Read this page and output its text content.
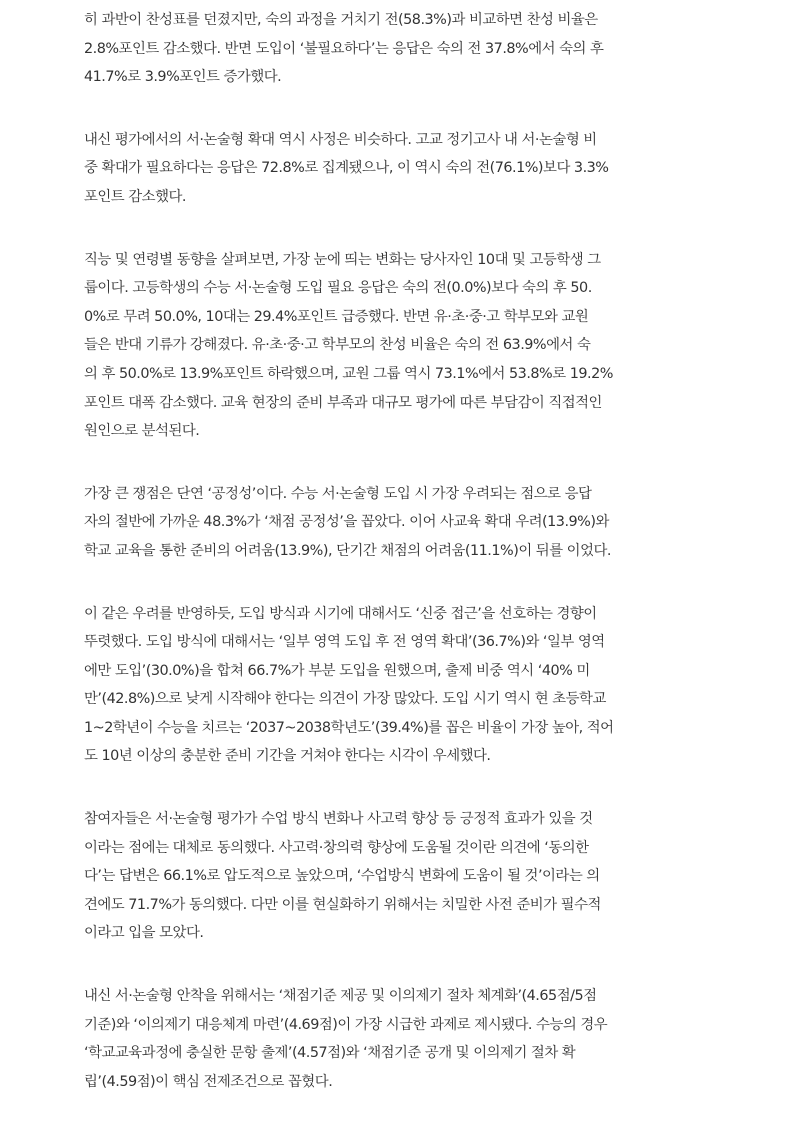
히 과반이 찬성표를 던졌지만, 숙의 과정을 거치기 전(58.3%)과 비교하면 찬성 비율은
2.8%포인트 감소했다. 반면 도입이 ‘불필요하다’는 응답은 숙의 전 37.8%에서 숙의 후
41.7%로 3.9%포인트 증가했다.

내신 평가에서의 서·논술형 확대 역시 사정은 비슷하다. 고교 정기고사 내 서·논술형 비
중 확대가 필요하다는 응답은 72.8%로 집계됐으나, 이 역시 숙의 전(76.1%)보다 3.3%
포인트 감소했다.

직능 및 연령별 동향을 살펴보면, 가장 눈에 띄는 변화는 당사자인 10대 및 고등학생 그
룹이다. 고등학생의 수능 서·논술형 도입 필요 응답은 숙의 전(0.0%)보다 숙의 후 50.
0%로 무려 50.0%, 10대는 29.4%포인트 급증했다. 반면 유·초·중·고 학부모와 교원
들은 반대 기류가 강해졌다. 유·초·중·고 학부모의 찬성 비율은 숙의 전 63.9%에서 숙
의 후 50.0%로 13.9%포인트 하락했으며, 교원 그룹 역시 73.1%에서 53.8%로 19.2%
포인트 대폭 감소했다. 교육 현장의 준비 부족과 대규모 평가에 따른 부담감이 직접적인
원인으로 분석된다.

가장 큰 쟁점은 단연 ‘공정성’이다. 수능 서·논술형 도입 시 가장 우려되는 점으로 응답
자의 절반에 가까운 48.3%가 ‘채점 공정성’을 꼽았다. 이어 사교육 확대 우려(13.9%)와
학교 교육을 통한 준비의 어려움(13.9%), 단기간 채점의 어려움(11.1%)이 뒤를 이었다.

이 같은 우려를 반영하듯, 도입 방식과 시기에 대해서도 ‘신중 접근’을 선호하는 경향이
뚜렷했다. 도입 방식에 대해서는 ‘일부 영역 도입 후 전 영역 확대’(36.7%)와 ‘일부 영역
에만 도입’(30.0%)을 합쳐 66.7%가 부분 도입을 원했으며, 출제 비중 역시 ‘40% 미
만’(42.8%)으로 낮게 시작해야 한다는 의견이 가장 많았다. 도입 시기 역시 현 초등학교
1~2학년이 수능을 치르는 ‘2037~2038학년도’(39.4%)를 꼽은 비율이 가장 높아, 적어
도 10년 이상의 충분한 준비 기간을 거쳐야 한다는 시각이 우세했다.

참여자들은 서·논술형 평가가 수업 방식 변화나 사고력 향상 등 긍정적 효과가 있을 것
이라는 점에는 대체로 동의했다. 사고력·창의력 향상에 도움될 것이란 의견에 ‘동의한
다’는 답변은 66.1%로 압도적으로 높았으며, ‘수업방식 변화에 도움이 될 것’이라는 의
견에도 71.7%가 동의했다. 다만 이를 현실화하기 위해서는 치밀한 사전 준비가 필수적
이라고 입을 모았다.

내신 서·논술형 안착을 위해서는 ‘채점기준 제공 및 이의제기 절차 체계화’(4.65점/5점
기준)와 ‘이의제기 대응체계 마련’(4.69점)이 가장 시급한 과제로 제시됐다. 수능의 경우
‘학교교육과정에 충실한 문항 출제’(4.57점)와 ‘채점기준 공개 및 이의제기 절차 확
립’(4.59점)이 핵심 전제조건으로 꼽혔다.
